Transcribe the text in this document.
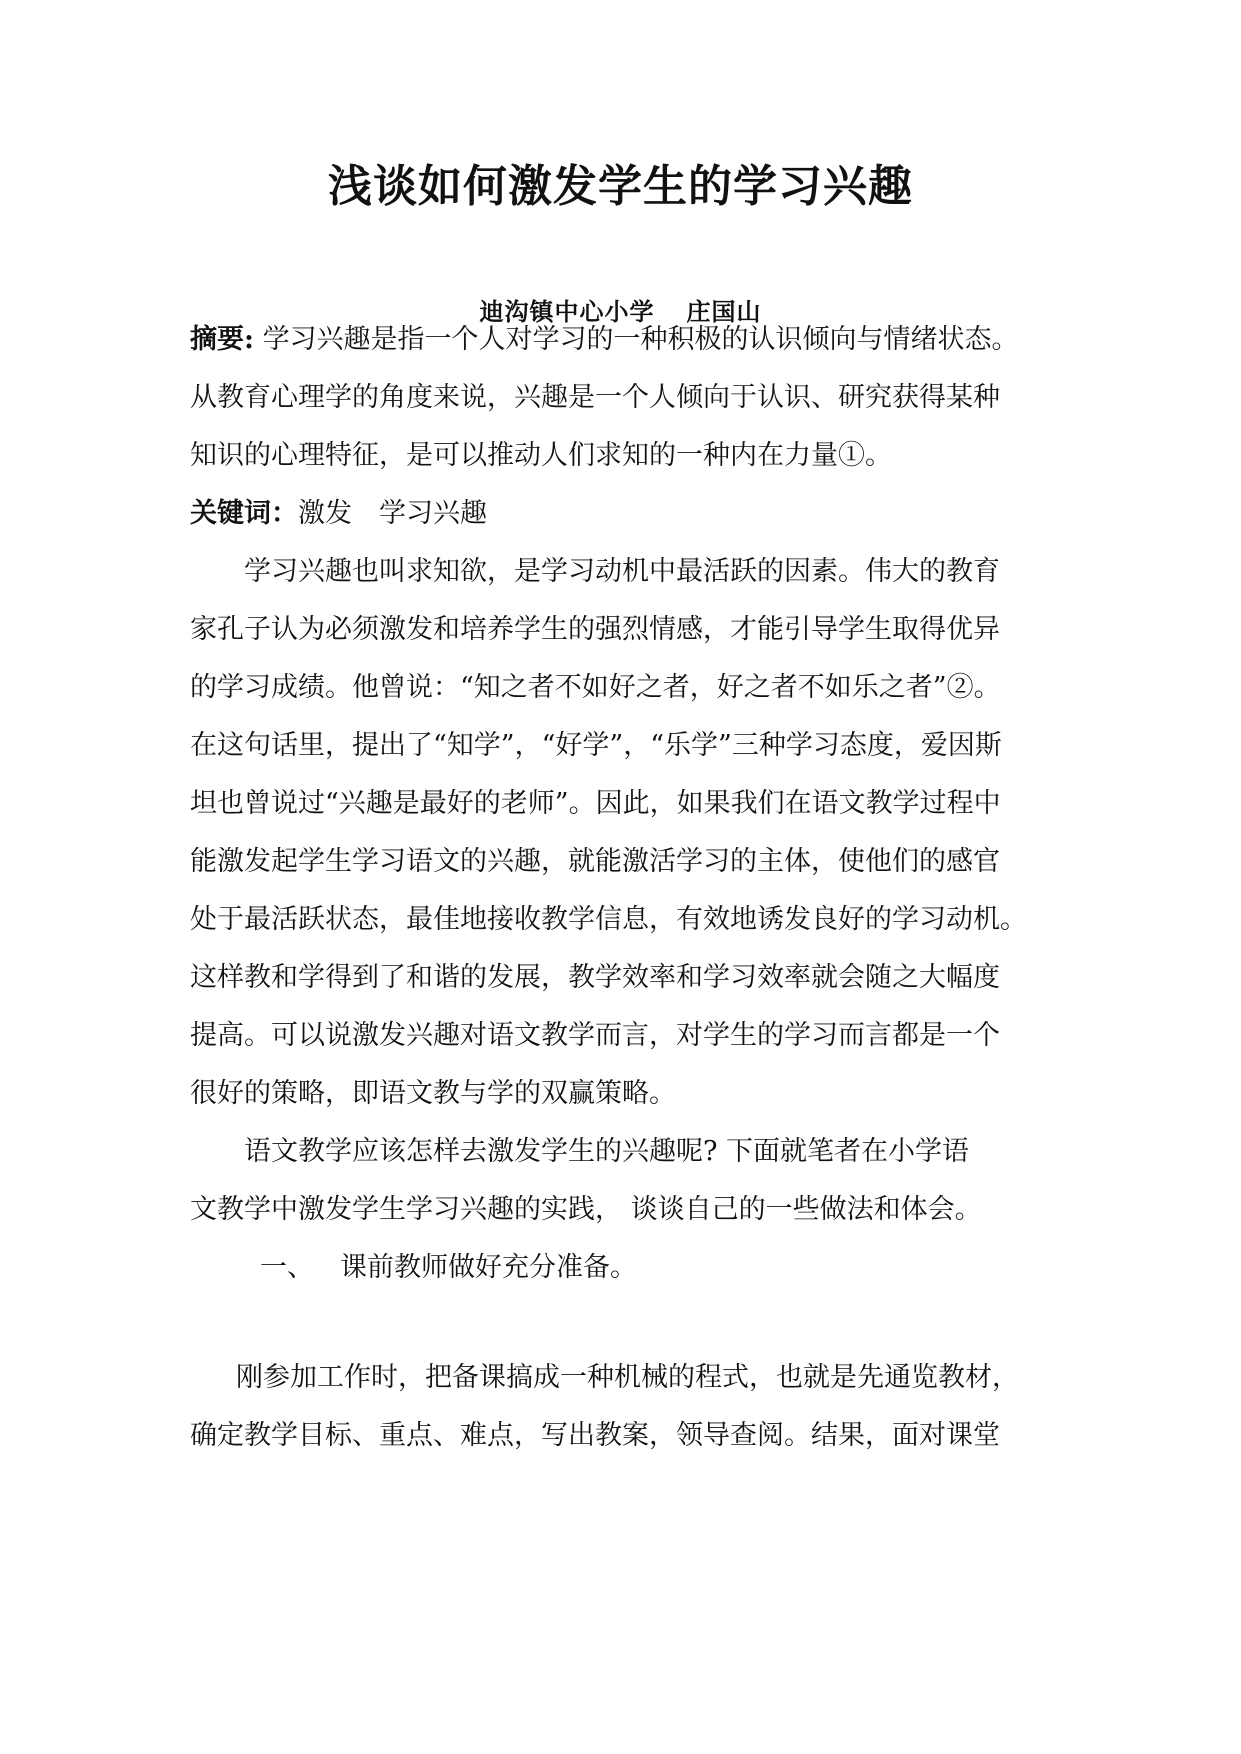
浅谈如何激发学生的学习兴趣
迪沟镇中心小学 庄国山
摘要: 学习兴趣是指一个人对学习的一种积极的认识倾向与情绪状态。
从教育心理学的角度来说，兴趣是一个人倾向于认识、研究获得某种
知识的心理特征，是可以推动人们求知的一种内在力量①。
关键词：激发　学习兴趣
学习兴趣也叫求知欲，是学习动机中最活跃的因素。伟大的教育
家孔子认为必须激发和培养学生的强烈情感，才能引导学生取得优异
的学习成绩。他曾说：“知之者不如好之者，好之者不如乐之者”②。
在这句话里，提出了“知学”，“好学”，“乐学”三种学习态度，爱因斯
坦也曾说过“兴趣是最好的老师”。因此，如果我们在语文教学过程中
能激发起学生学习语文的兴趣，就能激活学习的主体，使他们的感官
处于最活跃状态，最佳地接收教学信息，有效地诱发良好的学习动机。
这样教和学得到了和谐的发展，教学效率和学习效率就会随之大幅度
提高。可以说激发兴趣对语文教学而言，对学生的学习而言都是一个
很好的策略，即语文教与学的双赢策略。
语文教学应该怎样去激发学生的兴趣呢? 下面就笔者在小学语
文教学中激发学生学习兴趣的实践， 谈谈自己的一些做法和体会。
一、 课前教师做好充分准备。
刚参加工作时，把备课搞成一种机械的程式，也就是先通览教材，
确定教学目标、重点、难点，写出教案，领导查阅。结果，面对课堂
